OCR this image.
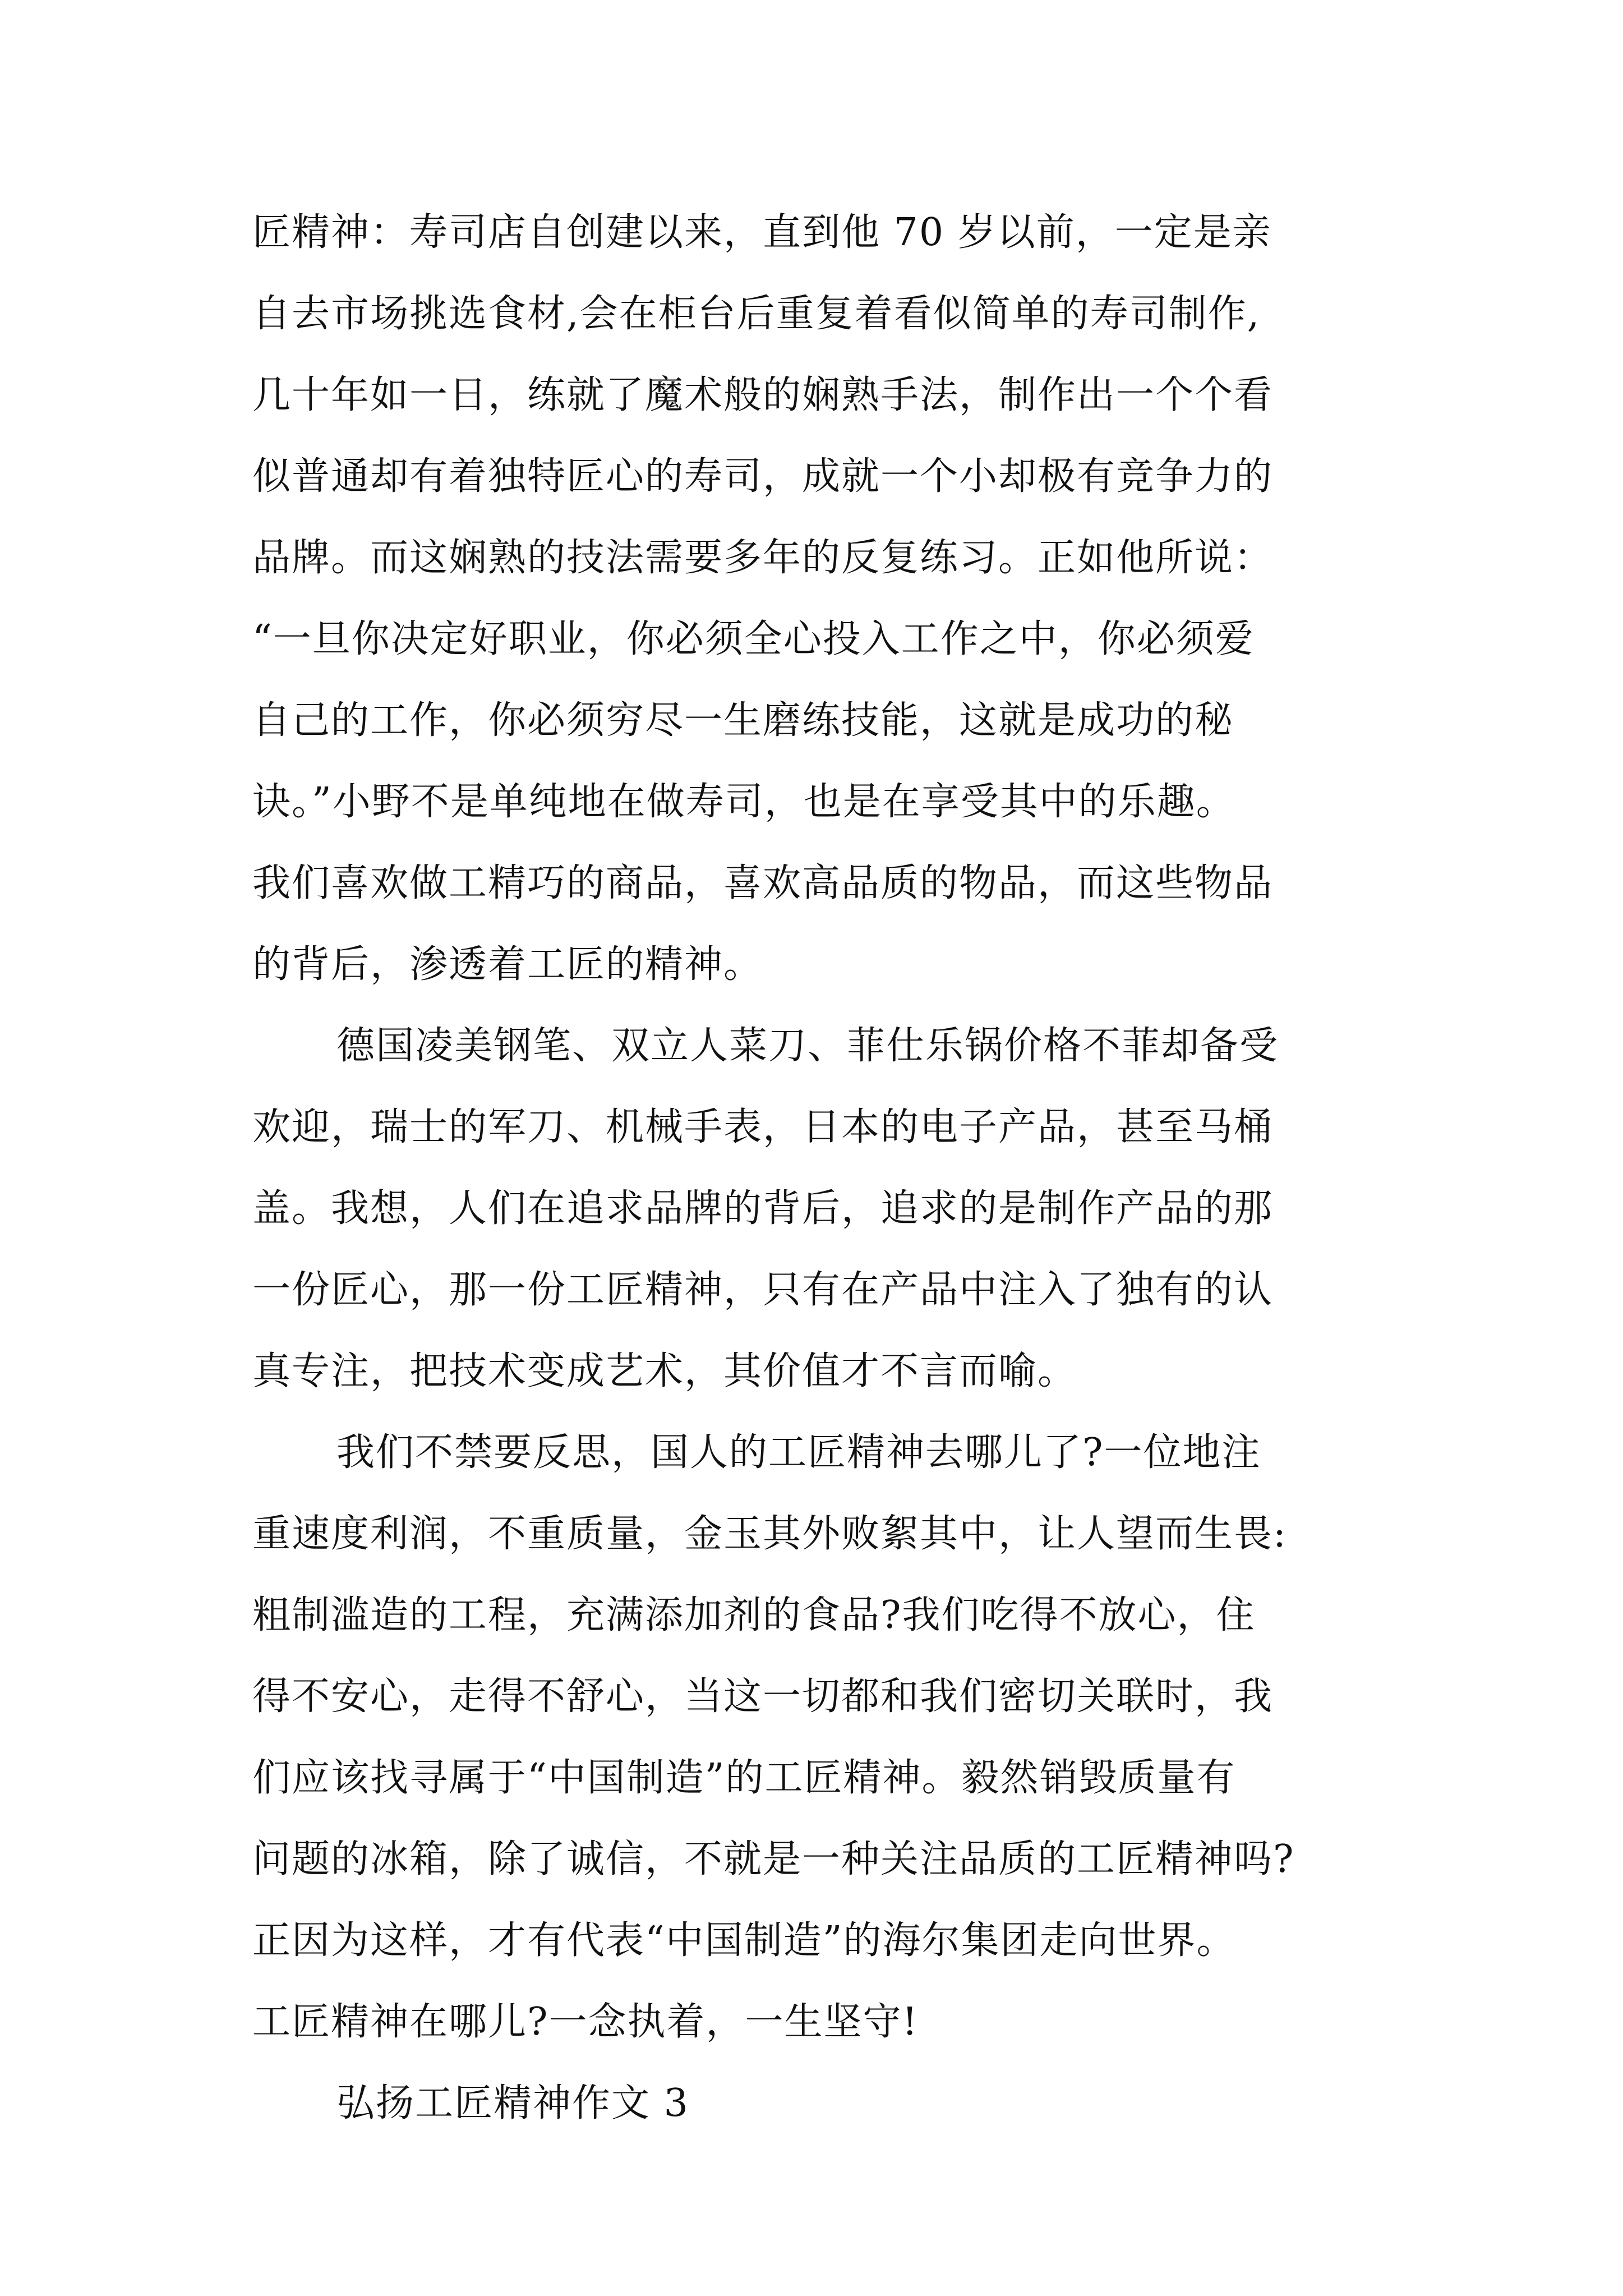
匠精神：寿司店自创建以来，直到他 70 岁以前，一定是亲

自去市场挑选食材,会在柜台后重复着看似简单的寿司制作,

几十年如一日，练就了魔术般的娴熟手法，制作出一个个看

似普通却有着独特匠心的寿司，成就一个小却极有竞争力的

品牌。而这娴熟的技法需要多年的反复练习。正如他所说：

“一旦你决定好职业，你必须全心投入工作之中，你必须爱

自己的工作，你必须穷尽一生磨练技能，这就是成功的秘

诀。”小野不是单纯地在做寿司，也是在享受其中的乐趣。

我们喜欢做工精巧的商品，喜欢高品质的物品，而这些物品

的背后，渗透着工匠的精神。

德国凌美钢笔、双立人菜刀、菲仕乐锅价格不菲却备受

欢迎，瑞士的军刀、机械手表，日本的电子产品，甚至马桶

盖。我想，人们在追求品牌的背后，追求的是制作产品的那

一份匠心，那一份工匠精神，只有在产品中注入了独有的认

真专注，把技术变成艺术，其价值才不言而喻。

我们不禁要反思，国人的工匠精神去哪儿了?一位地注

重速度利润，不重质量，金玉其外败絮其中，让人望而生畏:

粗制滥造的工程，充满添加剂的食品?我们吃得不放心，住

得不安心，走得不舒心，当这一切都和我们密切关联时，我

们应该找寻属于“中国制造”的工匠精神。毅然销毁质量有

问题的冰箱，除了诚信，不就是一种关注品质的工匠精神吗?

正因为这样，才有代表“中国制造”的海尔集团走向世界。

工匠精神在哪儿?一念执着，一生坚守!

弘扬工匠精神作文 3
